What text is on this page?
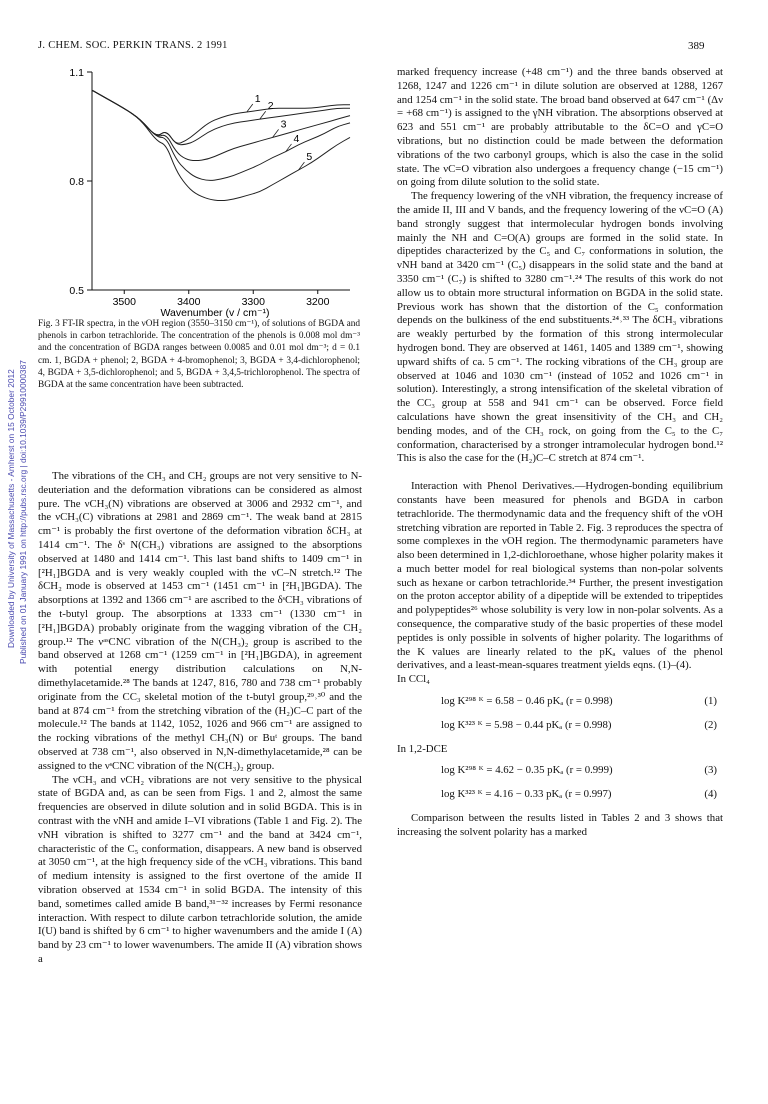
J. CHEM. SOC. PERKIN TRANS. 2 1991	389
Downloaded by University of Massachusetts - Amherst on 15 October 2012 Published on 01 January 1991 on http://pubs.rsc.org | doi:10.1039/P29910000387
1.1
0.8
0.5
3500	3400	3300	3200
1
2
3
4
5
Wavenumber (v / cm⁻¹)
Fig. 3 FT-IR spectra, in the νOH region (3550–3150 cm⁻¹), of solutions of BGDA and phenols in carbon tetrachloride. The concentration of the phenols is 0.008 mol dm⁻³ and the concentration of BGDA ranges between 0.0085 and 0.01 mol dm⁻³; d = 0.1 cm. 1, BGDA + phenol; 2, BGDA + 4-bromophenol; 3, BGDA + 3,4-dichlorophenol; 4, BGDA + 3,5-dichlorophenol; and 5, BGDA + 3,4,5-trichlorophenol. The spectra of BGDA at the same concentration have been subtracted.

The vibrations of the CH₃ and CH₂ groups are not very sensitive to N-deuteriation and the deformation vibrations can be considered as almost pure. The νCH₃(N) vibrations are observed at 3006 and 2932 cm⁻¹, and the νCH₃(C) vibrations at 2981 and 2869 cm⁻¹. The weak band at 2815 cm⁻¹ is probably the first overtone of the deformation vibration δCH₃ at 1414 cm⁻¹. The δˢ N(CH₃) vibrations are assigned to the absorptions observed at 1480 and 1414 cm⁻¹. This last band shifts to 1409 cm⁻¹ in [²H₁]BGDA and is very weakly coupled with the νC–N stretch.¹² The δCH₂ mode is observed at 1453 cm⁻¹ (1451 cm⁻¹ in [²H₁]BGDA). The absorptions at 1392 and 1366 cm⁻¹ are ascribed to the δˢCH₃ vibrations of the t-butyl group. The absorptions at 1333 cm⁻¹ (1330 cm⁻¹ in [²H₁]BGDA) probably originate from the wagging vibration of the CH₂ group.¹² The νᵃˢCNC vibration of the N(CH₃)₂ group is ascribed to the band observed at 1268 cm⁻¹ (1259 cm⁻¹ in [²H₁]BGDA), in agreement with potential energy distribution calculations on N,N-dimethylacetamide.²⁸ The bands at 1247, 816, 780 and 738 cm⁻¹ probably originate from the CC₃ skeletal motion of the t-butyl group,²⁹˒³⁰ and the band at 874 cm⁻¹ from the stretching vibration of the (H₂)C–C part of the molecule.¹² The bands at 1142, 1052, 1026 and 966 cm⁻¹ are assigned to the rocking vibrations of the methyl CH₃(N) or Buᵗ groups. The band observed at 738 cm⁻¹, also observed in N,N-dimethylacetamide,²⁸ can be assigned to the νˢCNC vibration of the N(CH₃)₂ group.

The νCH₃ and νCH₂ vibrations are not very sensitive to the physical state of BGDA and, as can be seen from Figs. 1 and 2, almost the same frequencies are observed in dilute solution and in solid BGDA. This is in contrast with the νNH and amide I–VI vibrations (Table 1 and Fig. 2). The νNH vibration is shifted to 3277 cm⁻¹ and the band at 3424 cm⁻¹, characteristic of the C₅ conformation, disappears. A new band is observed at 3050 cm⁻¹, at the high frequency side of the νCH₃ vibrations. This band of medium intensity is assigned to the first overtone of the amide II vibration observed at 1534 cm⁻¹ in solid BGDA. The intensity of this band, sometimes called amide B band,³¹⁻³² increases by Fermi resonance interaction. With respect to dilute carbon tetrachloride solution, the amide I(U) band is shifted by 6 cm⁻¹ to higher wavenumbers and the amide I (A) band by 23 cm⁻¹ to lower wavenumbers. The amide II (A) vibration shows a

marked frequency increase (+48 cm⁻¹) and the three bands observed at 1268, 1247 and 1226 cm⁻¹ in dilute solution are observed at 1288, 1267 and 1254 cm⁻¹ in the solid state. The broad band observed at 647 cm⁻¹ (Δν = +68 cm⁻¹) is assigned to the γNH vibration. The absorptions observed at 623 and 551 cm⁻¹ are probably attributable to the δC=O and γC=O vibrations, but no distinction could be made between the deformation vibrations of the two carbonyl groups, which is also the case in the solid state. The νC=O vibration also undergoes a frequency change (−15 cm⁻¹) on going from dilute solution to the solid state.

The frequency lowering of the νNH vibration, the frequency increase of the amide II, III and V bands, and the frequency lowering of the νC=O (A) band strongly suggest that intermolecular hydrogen bonds involving mainly the NH and C=O(A) groups are formed in the solid state. In dipeptides characterized by the C₅ and C₇ conformations in solution, the νNH band at 3420 cm⁻¹ (C₅) disappears in the solid state and the band at 3350 cm⁻¹ (C₇) is shifted to 3280 cm⁻¹.²⁴ The results of this work do not allow us to obtain more structural information on BGDA in the solid state. Previous work has shown that the distortion of the C₅ conformation depends on the bulkiness of the end substituents.²⁴˒³³ The δCH₃ vibrations are weakly perturbed by the formation of this strong intermolecular hydrogen bond. They are observed at 1461, 1405 and 1389 cm⁻¹, showing upward shifts of ca. 5 cm⁻¹. The rocking vibrations of the CH₃ group are observed at 1046 and 1030 cm⁻¹ (instead of 1052 and 1026 cm⁻¹ in solution). Interestingly, a strong intensification of the skeletal vibration of the CC₃ group at 558 and 941 cm⁻¹ can be observed. Force field calculations have shown the great insensitivity of the CH₃ and CH₂ bending modes, and of the CH₃ rock, on going from the C₅ to the C₇ conformation, characterised by a stronger intramolecular hydrogen bond.¹² This is also the case for the (H₂)C–C stretch at 874 cm⁻¹.

Interaction with Phenol Derivatives.—Hydrogen-bonding equilibrium constants have been measured for phenols and BGDA in carbon tetrachloride. The thermodynamic data and the frequency shift of the νOH stretching vibration are reported in Table 2. Fig. 3 reproduces the spectra of some complexes in the νOH region. The thermodynamic parameters have also been determined in 1,2-dichloroethane, whose higher polarity makes it a much better model for real biological systems than non-polar solvents such as hexane or carbon tetrachloride.³⁴ Further, the present investigation on the proton acceptor ability of a dipeptide will be extended to tripeptides and polypeptides²⁶ whose solubility is very low in non-polar solvents. As a consequence, the comparative study of the basic properties of these model peptides is only possible in solvents of higher polarity. The logarithms of the K values are linearly related to the pKₐ values of the phenol derivatives, and a least-mean-squares treatment yields eqns. (1)–(4).

In CCl₄

log K²⁹⁸ ᴷ = 6.58 − 0.46 pKₐ (r = 0.998)	(1)
log K³²³ ᴷ = 5.98 − 0.44 pKₐ (r = 0.998)	(2)

In 1,2-DCE

log K²⁹⁸ ᴷ = 4.62 − 0.35 pKₐ (r = 0.999)	(3)
log K³²³ ᴷ = 4.16 − 0.33 pKₐ (r = 0.997)	(4)

Comparison between the results listed in Tables 2 and 3 shows that increasing the solvent polarity has a marked
